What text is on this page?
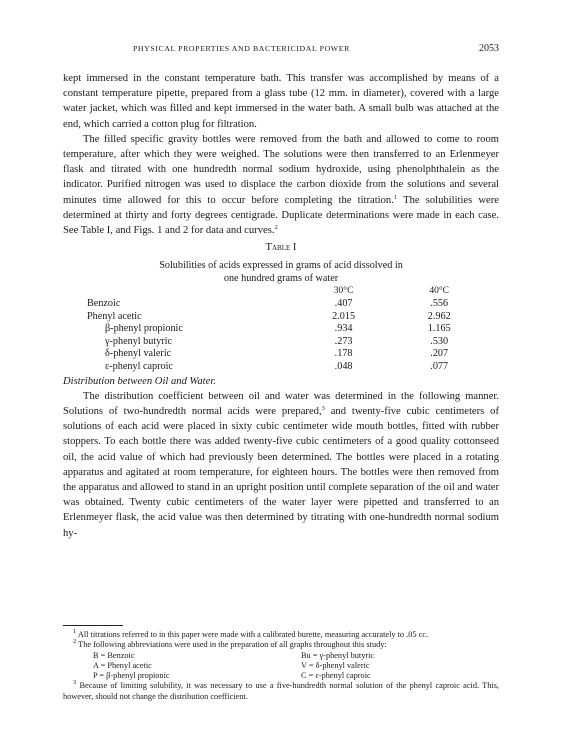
PHYSICAL PROPERTIES AND BACTERICIDAL POWER	2053

kept immersed in the constant temperature bath. This transfer was accomplished by means of a constant temperature pipette, prepared from a glass tube (12 mm. in diameter), covered with a large water jacket, which was filled and kept immersed in the water bath. A small bulb was attached at the end, which carried a cotton plug for filtration.

The filled specific gravity bottles were removed from the bath and allowed to come to room temperature, after which they were weighed. The solutions were then transferred to an Erlenmeyer flask and titrated with one hundredth normal sodium hydroxide, using phenolphthalein as the indicator. Purified nitrogen was used to displace the carbon dioxide from the solutions and several minutes time allowed for this to occur before completing the titration.$^1$ The solubilities were determined at thirty and forty degrees centigrade. Duplicate determinations were made in each case. See Table I, and Figs. 1 and 2 for data and curves.$^2$

Table I
Solubilities of acids expressed in grams of acid dissolved in
one hundred grams of water
	30°C	40°C
Benzoic	.407	.556
Phenyl acetic	2.015	2.962
β-phenyl propionic	.934	1.165
γ-phenyl butyric	.273	.530
δ-phenyl valeric	.178	.207
ε-phenyl caproic	.048	.077

Distribution between Oil and Water.

The distribution coefficient between oil and water was determined in the following manner. Solutions of two-hundredth normal acids were prepared,$^3$ and twenty-five cubic centimeters of solutions of each acid were placed in sixty cubic centimeter wide mouth bottles, fitted with rubber stoppers. To each bottle there was added twenty-five cubic centimeters of a good quality cottonseed oil, the acid value of which had previously been determined. The bottles were placed in a rotating apparatus and agitated at room temperature, for eighteen hours. The bottles were then removed from the apparatus and allowed to stand in an upright position until complete separation of the oil and water was obtained. Twenty cubic centimeters of the water layer were pipetted and transferred to an Erlenmeyer flask, the acid value was then determined by titrating with one-hundredth normal sodium hy-

$^1$ All titrations referred to in this paper were made with a calibrated burette, measuring accurately to .05 cc.

$^2$ The following abbreviations were used in the preparation of all graphs throughout this study:

B = Benzoic	Bu = γ-phenyl butyric
A = Phenyl acetic	V = δ-phenyl valeric
P = β-phenyl propionic	C = ε-phenyl caproic

$^3$ Because of limiting solubility, it was necessary to use a five-hundredth normal solution of the phenyl caproic acid. This, however, should not change the distribution coefficient.
